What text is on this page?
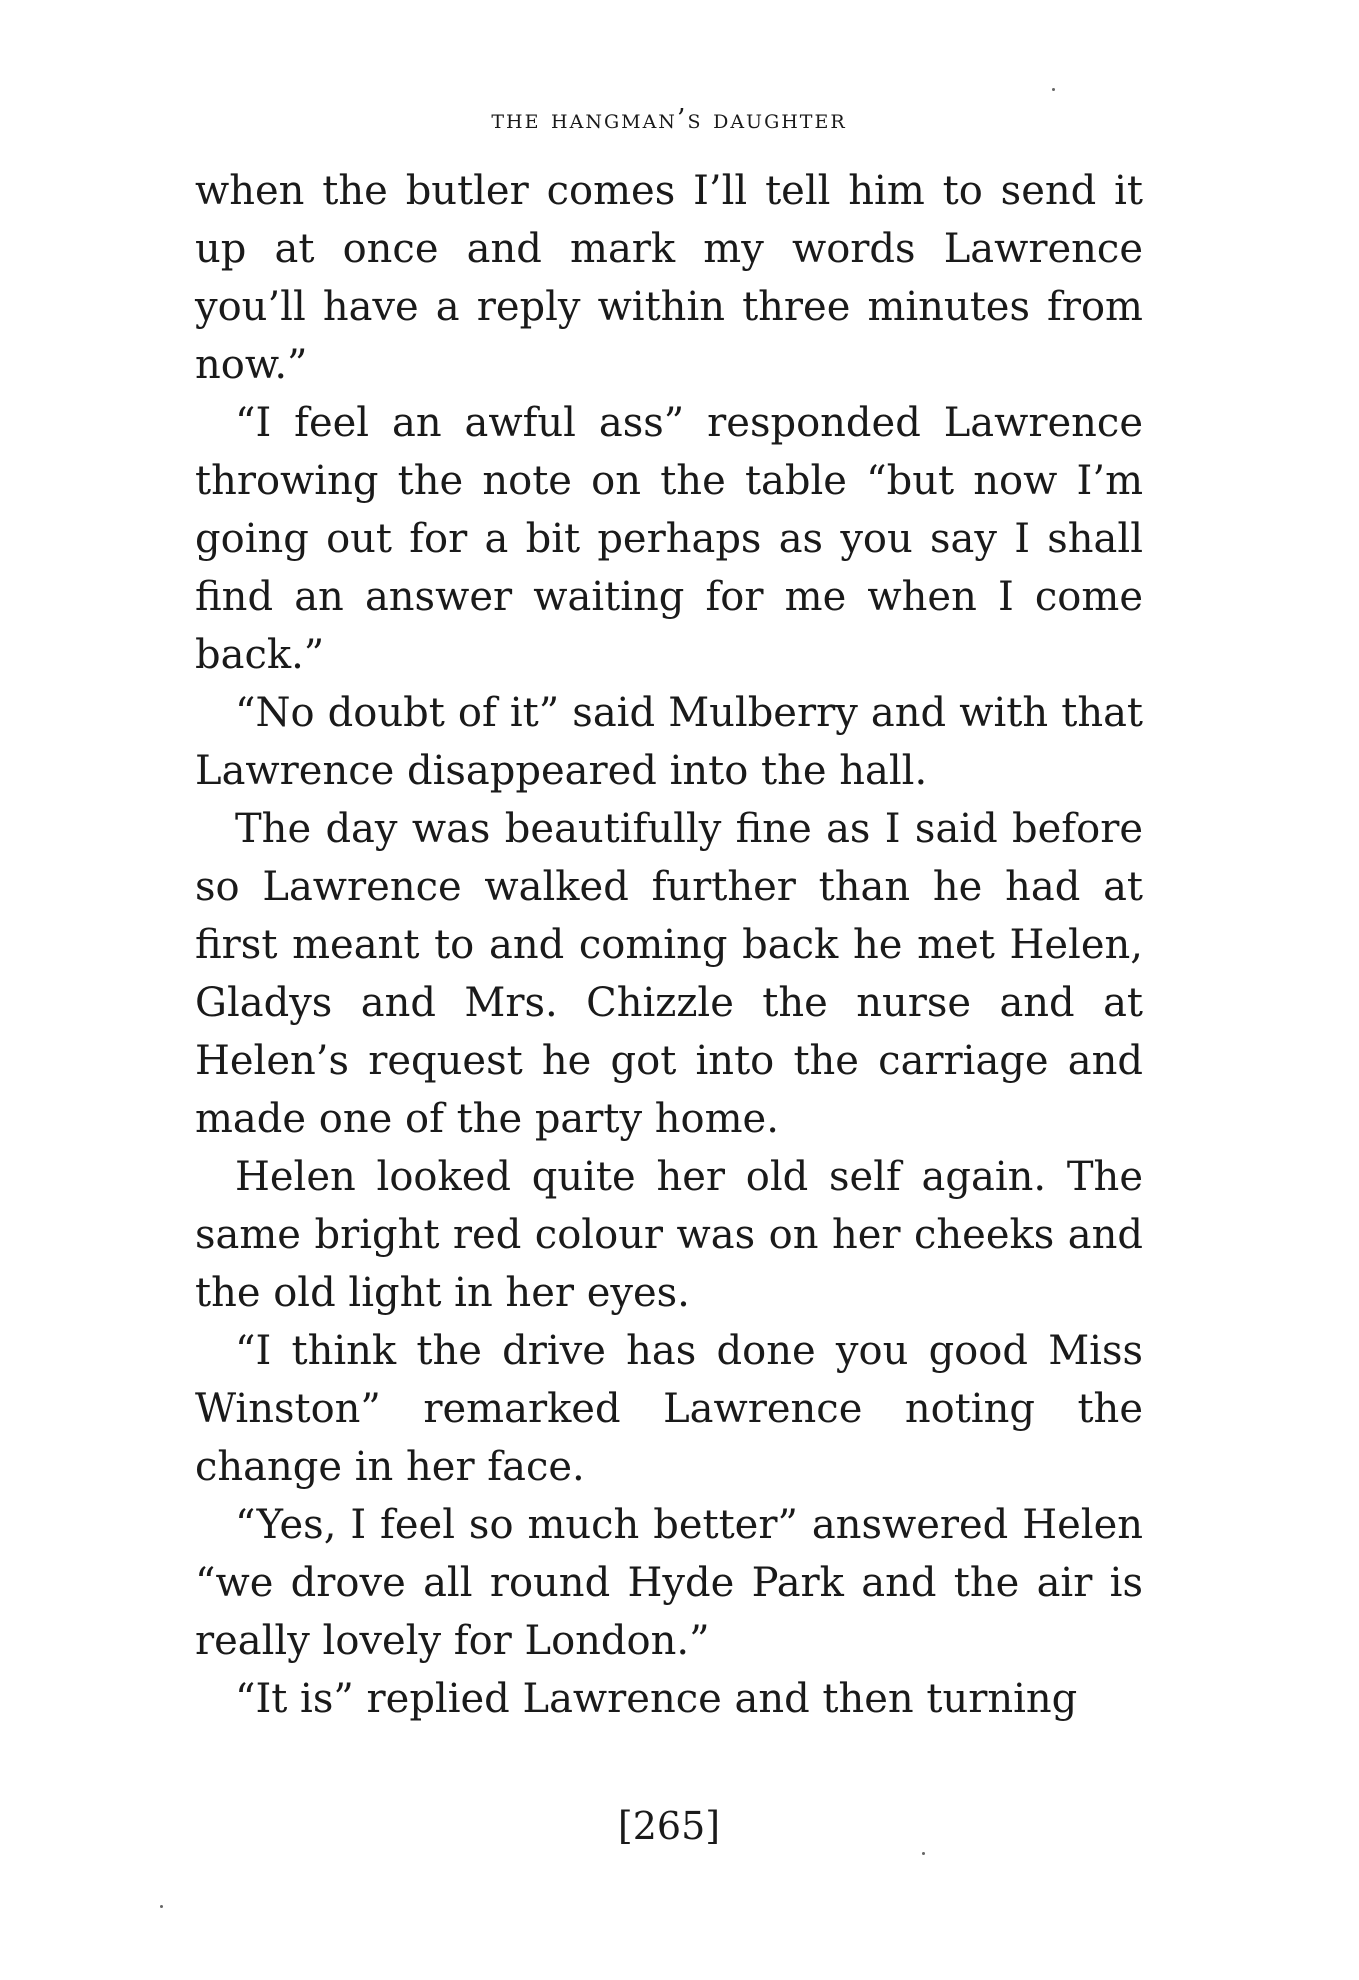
the hangman’s daughter

when the butler comes I’ll tell him to send it up at once and mark my words Lawrence you’ll have a reply within three minutes from now.”

“I feel an awful ass” responded Lawrence throwing the note on the table “but now I’m going out for a bit perhaps as you say I shall find an answer waiting for me when I come back.”

“No doubt of it” said Mulberry and with that Lawrence disappeared into the hall.

The day was beautifully fine as I said before so Lawrence walked further than he had at first meant to and coming back he met Helen, Gladys and Mrs. Chizzle the nurse and at Helen’s request he got into the carriage and made one of the party home.

Helen looked quite her old self again. The same bright red colour was on her cheeks and the old light in her eyes.

“I think the drive has done you good Miss Winston” remarked Lawrence noting the change in her face.

“Yes, I feel so much better” answered Helen “we drove all round Hyde Park and the air is really lovely for London.”

“It is” replied Lawrence and then turning

[265]
